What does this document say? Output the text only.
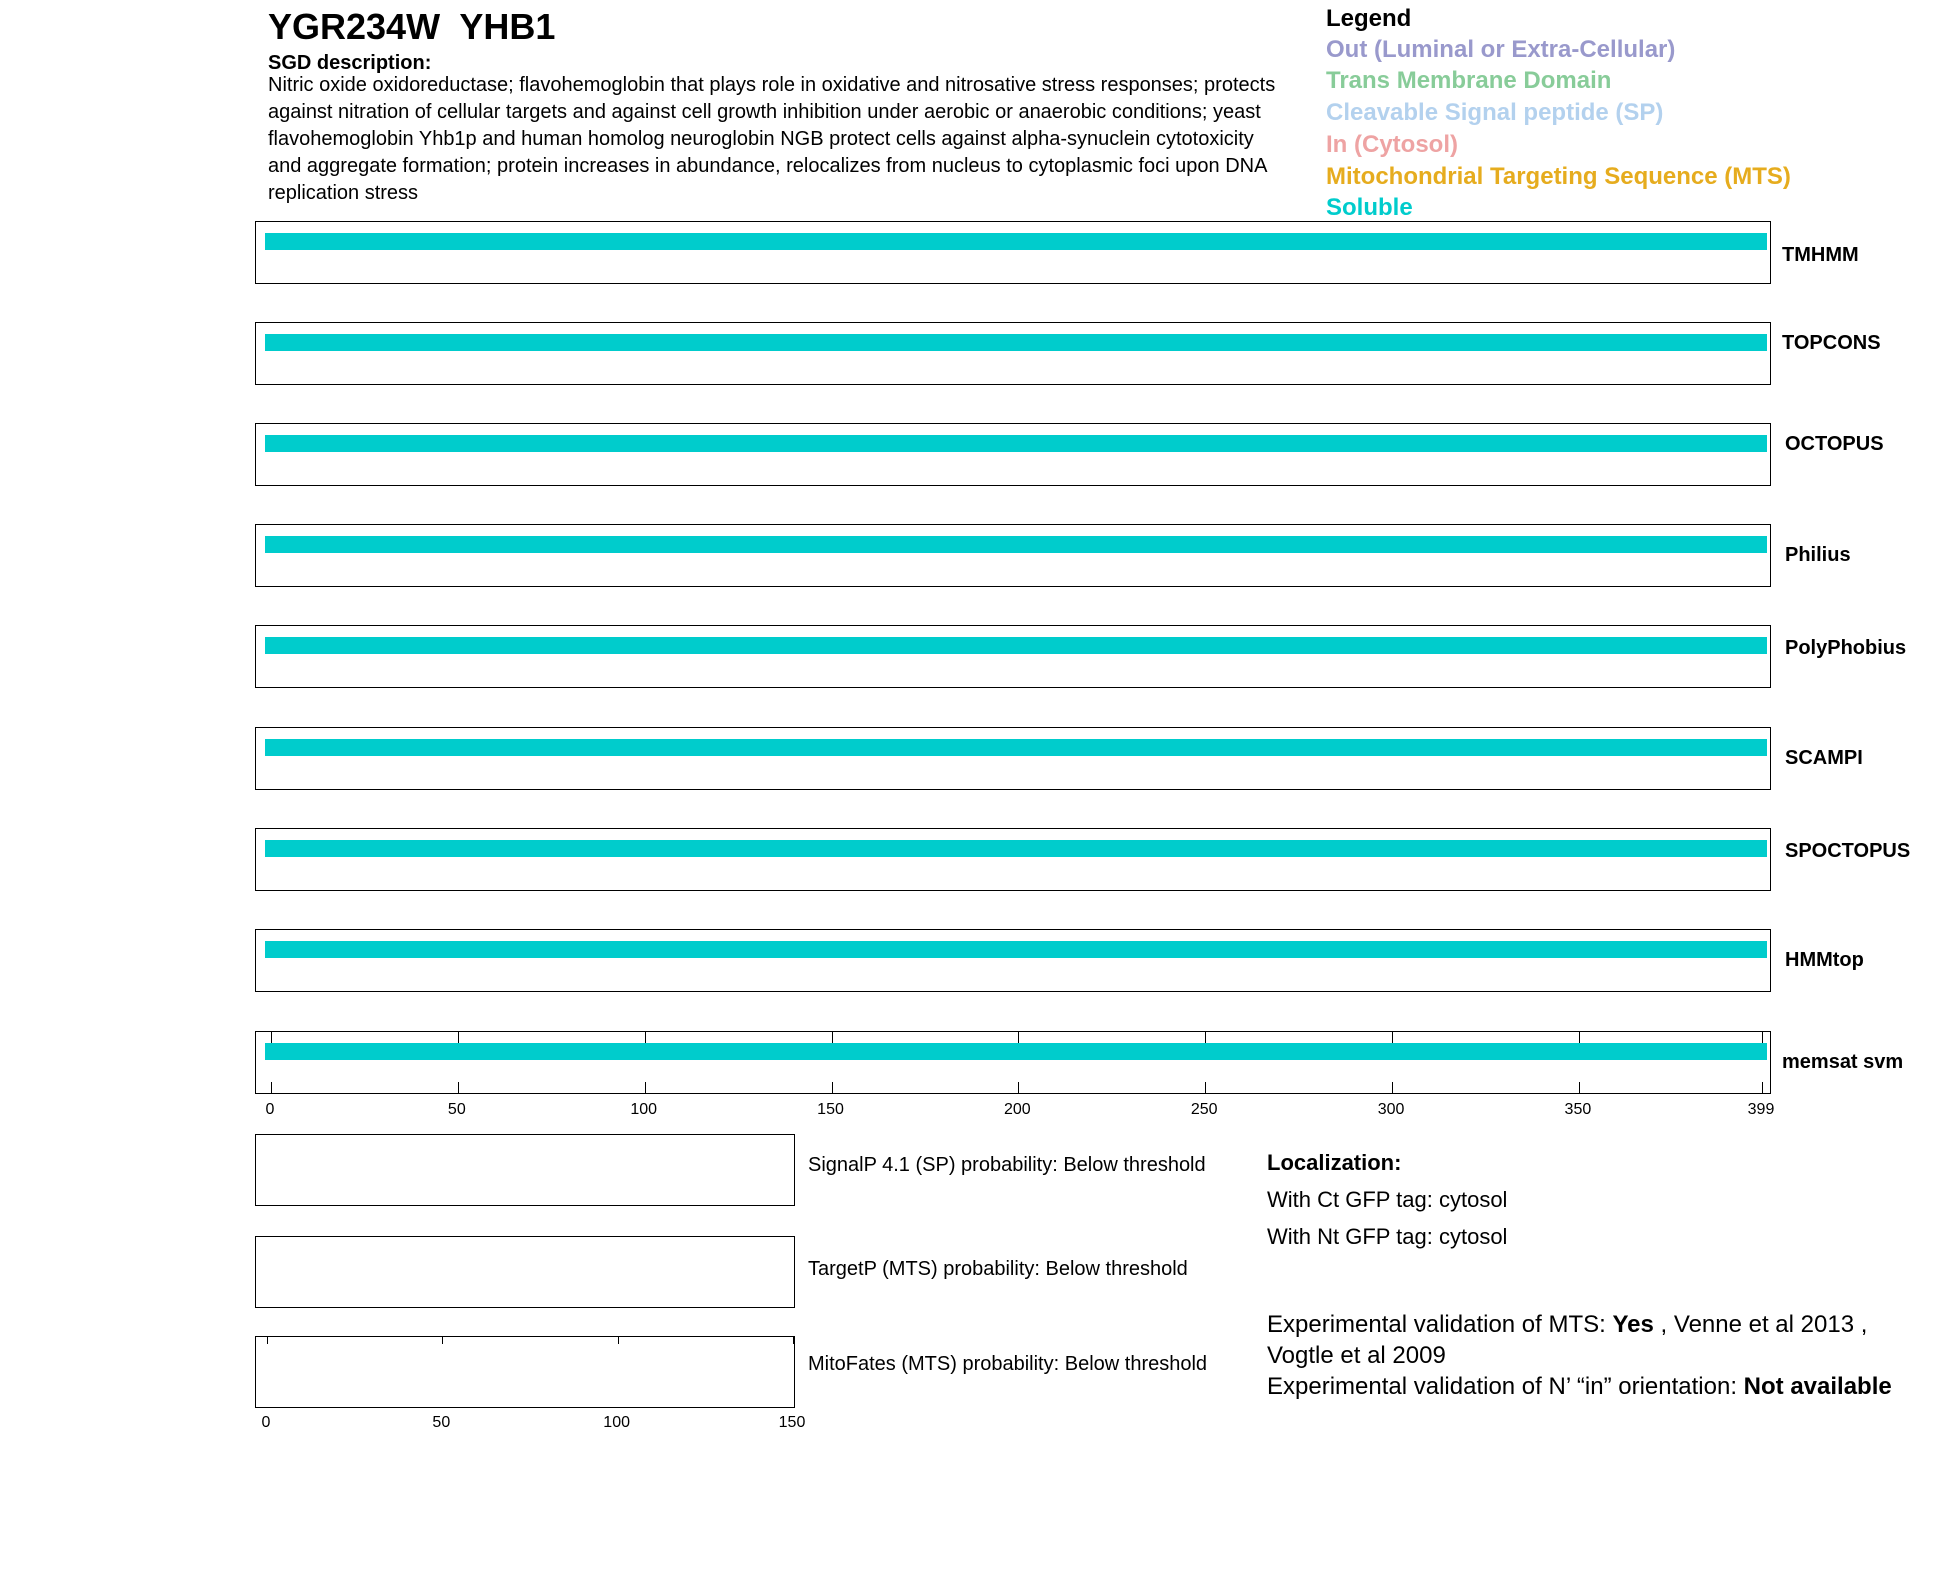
YGR234W  YHB1
SGD description:
Nitric oxide oxidoreductase; flavohemoglobin that plays role in oxidative and nitrosative stress responses; protects against nitration of cellular targets and against cell growth inhibition under aerobic or anaerobic conditions; yeast flavohemoglobin Yhb1p and human homolog neuroglobin NGB protect cells against alpha-synuclein cytotoxicity and aggregate formation; protein increases in abundance, relocalizes from nucleus to cytoplasmic foci upon DNA replication stress
Legend
Out (Luminal or Extra-Cellular)
Trans Membrane Domain
Cleavable Signal peptide (SP)
In (Cytosol)
Mitochondrial Targeting Sequence (MTS)
Soluble
TMHMM
TOPCONS
OCTOPUS
Philius
PolyPhobius
SCAMPI
SPOCTOPUS
HMMtop
0	50	100	150	200	250	300	350	399
memsat svm
SignalP 4.1 (SP) probability: Below threshold
TargetP (MTS) probability: Below threshold
0	50	100	150
MitoFates (MTS) probability: Below threshold
Localization:
With Ct GFP tag: cytosol
With Nt GFP tag: cytosol
Experimental validation of MTS: Yes , Venne et al 2013 , Vogtle et al 2009
Experimental validation of N’ “in” orientation: Not available
